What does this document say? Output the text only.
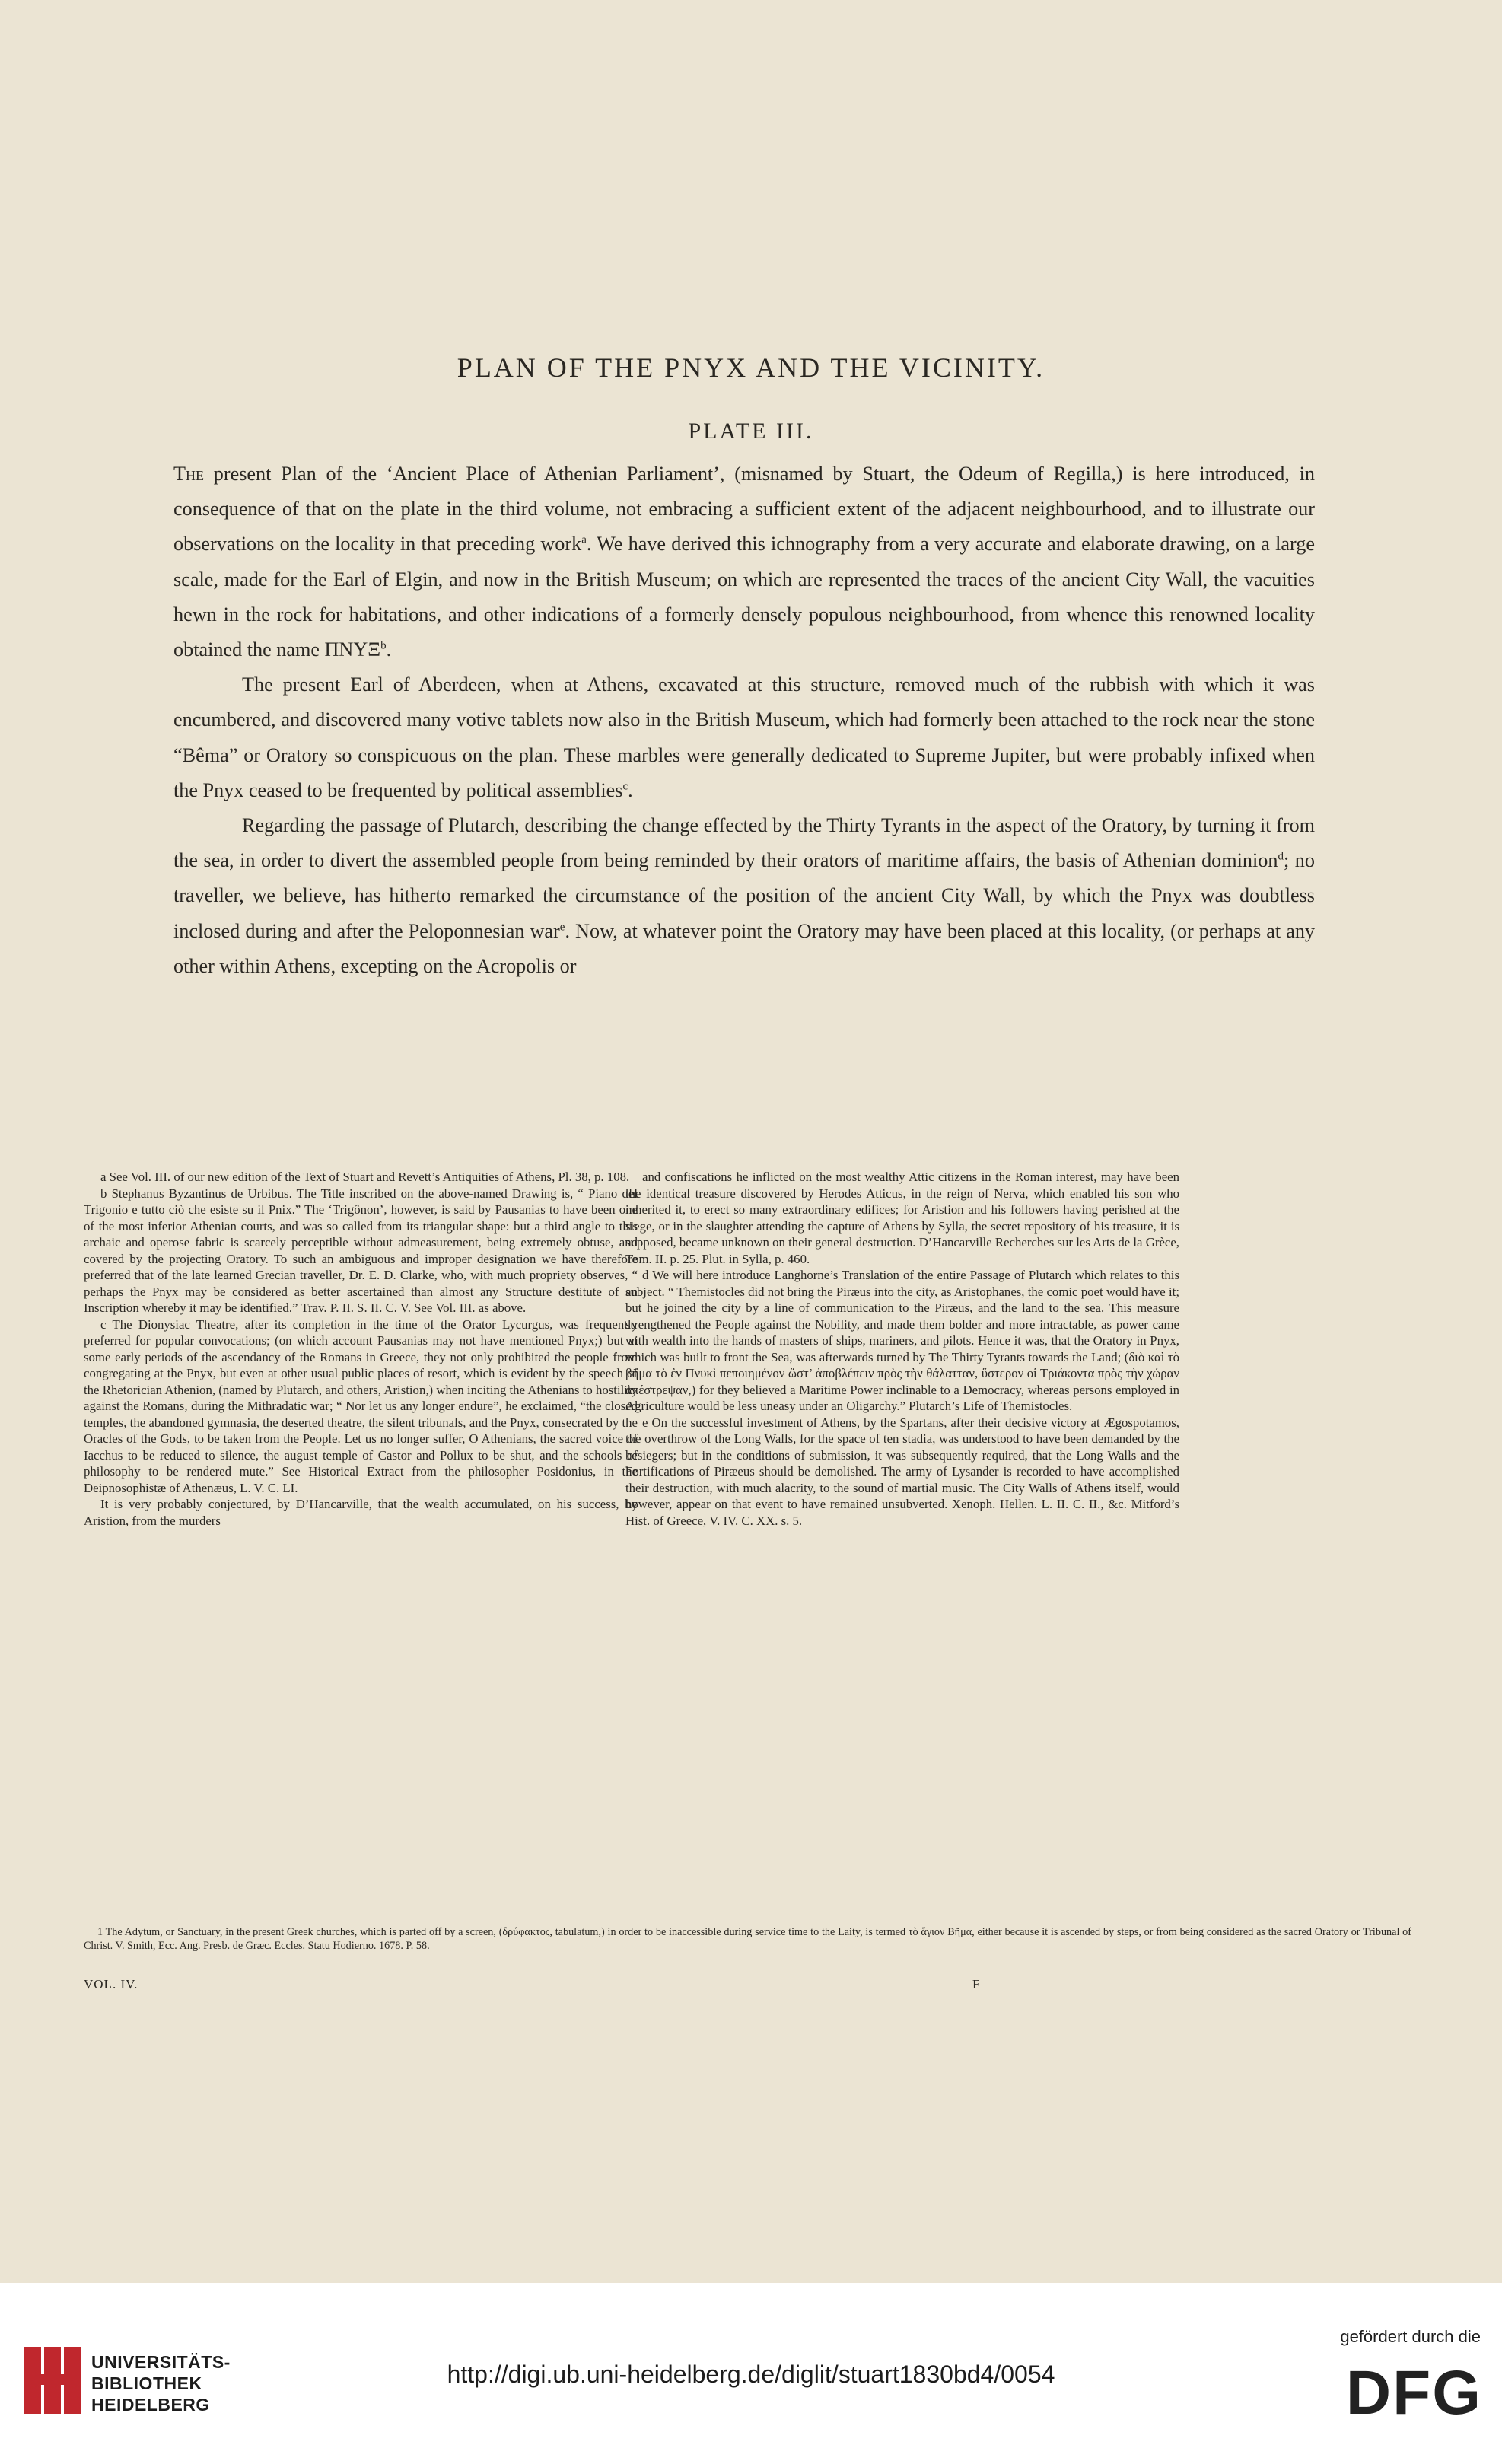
PLAN OF THE PNYX AND THE VICINITY.
PLATE III.

The present Plan of the ‘Ancient Place of Athenian Parliament’, (misnamed by Stuart, the Odeum of Regilla,) is here introduced, in consequence of that on the plate in the third volume, not embracing a sufficient extent of the adjacent neighbourhood, and to illustrate our observations on the locality in that preceding work$^a$. We have derived this ichnography from a very accurate and elaborate drawing, on a large scale, made for the Earl of Elgin, and now in the British Museum; on which are represented the traces of the ancient City Wall, the vacuities hewn in the rock for habitations, and other indications of a formerly densely populous neighbourhood, from whence this renowned locality obtained the name ΠΝΥΞ$^b$.

The present Earl of Aberdeen, when at Athens, excavated at this structure, removed much of the rubbish with which it was encumbered, and discovered many votive tablets now also in the British Museum, which had formerly been attached to the rock near the stone “Bêma” or Oratory so conspicuous on the plan. These marbles were generally dedicated to Supreme Jupiter, but were probably infixed when the Pnyx ceased to be frequented by political assemblies$^c$.

Regarding the passage of Plutarch, describing the change effected by the Thirty Tyrants in the aspect of the Oratory, by turning it from the sea, in order to divert the assembled people from being reminded by their orators of maritime affairs, the basis of Athenian dominion$^d$; no traveller, we believe, has hitherto remarked the circumstance of the position of the ancient City Wall, by which the Pnyx was doubtless inclosed during and after the Peloponnesian war$^e$. Now, at whatever point the Oratory may have been placed at this locality, (or perhaps at any other within Athens, excepting on the Acropolis or

a See Vol. III. of our new edition of the Text of Stuart and Revett’s Antiquities of Athens, Pl. 38, p. 108.

b Stephanus Byzantinus de Urbibus. The Title inscribed on the above-named Drawing is, “ Piano del Trigonio e tutto ciò che esiste su il Pnix.” The ‘Trigônon’, however, is said by Pausanias to have been one of the most inferior Athenian courts, and was so called from its triangular shape: but a third angle to this archaic and operose fabric is scarcely perceptible without admeasurement, being extremely obtuse, and covered by the projecting Oratory. To such an ambiguous and improper designation we have therefore preferred that of the late learned Grecian traveller, Dr. E. D. Clarke, who, with much propriety observes, “ perhaps the Pnyx may be considered as better ascertained than almost any Structure destitute of an Inscription whereby it may be identified.” Trav. P. II. S. II. C. V. See Vol. III. as above.

c The Dionysiac Theatre, after its completion in the time of the Orator Lycurgus, was frequently preferred for popular convocations; (on which account Pausanias may not have mentioned Pnyx;) but at some early periods of the ascendancy of the Romans in Greece, they not only prohibited the people from congregating at the Pnyx, but even at other usual public places of resort, which is evident by the speech of the Rhetorician Athenion, (named by Plutarch, and others, Aristion,) when inciting the Athenians to hostility against the Romans, during the Mithradatic war; “ Nor let us any longer endure”, he exclaimed, “the closed temples, the abandoned gymnasia, the deserted theatre, the silent tribunals, and the Pnyx, consecrated by the Oracles of the Gods, to be taken from the People. Let us no longer suffer, O Athenians, the sacred voice of Iacchus to be reduced to silence, the august temple of Castor and Pollux to be shut, and the schools of philosophy to be rendered mute.” See Historical Extract from the philosopher Posidonius, in the Deipnosophistæ of Athenæus, L. V. C. LI.

It is very probably conjectured, by D’Hancarville, that the wealth accumulated, on his success, by Aristion, from the murders

and confiscations he inflicted on the most wealthy Attic citizens in the Roman interest, may have been the identical treasure discovered by Herodes Atticus, in the reign of Nerva, which enabled his son who inherited it, to erect so many extraordinary edifices; for Aristion and his followers having perished at the siege, or in the slaughter attending the capture of Athens by Sylla, the secret repository of his treasure, it is supposed, became unknown on their general destruction. D’Hancarville Recherches sur les Arts de la Grèce, Tom. II. p. 25. Plut. in Sylla, p. 460.

d We will here introduce Langhorne’s Translation of the entire Passage of Plutarch which relates to this subject. “ Themistocles did not bring the Piræus into the city, as Aristophanes, the comic poet would have it; but he joined the city by a line of communication to the Piræus, and the land to the sea. This measure strengthened the People against the Nobility, and made them bolder and more intractable, as power came with wealth into the hands of masters of ships, mariners, and pilots. Hence it was, that the Oratory in Pnyx, which was built to front the Sea, was afterwards turned by The Thirty Tyrants towards the Land; (διὸ καὶ τὸ βῆμα τὸ ἐν Πνυκὶ πεποιημένον ὥστ’ ἀποβλέπειν πρὸς τὴν θάλατταν, ὕστερον οἱ Τριάκοντα πρὸς τὴν χώραν ἀπέστρεψαν,) for they believed a Maritime Power inclinable to a Democracy, whereas persons employed in Agriculture would be less uneasy under an Oligarchy.” Plutarch’s Life of Themistocles.

e On the successful investment of Athens, by the Spartans, after their decisive victory at Ægospotamos, the overthrow of the Long Walls, for the space of ten stadia, was understood to have been demanded by the besiegers; but in the conditions of submission, it was subsequently required, that the Long Walls and the Fortifications of Piræeus should be demolished. The army of Lysander is recorded to have accomplished their destruction, with much alacrity, to the sound of martial music. The City Walls of Athens itself, would however, appear on that event to have remained unsubverted. Xenoph. Hellen. L. II. C. II., &c. Mitford’s Hist. of Greece, V. IV. C. XX. s. 5.

1 The Adytum, or Sanctuary, in the present Greek churches, which is parted off by a screen, (δρύφακτος, tabulatum,) in order to be inaccessible during service time to the Laity, is termed τὸ ἅγιον Βῆμα, either because it is ascended by steps, or from being considered as the sacred Oratory or Tribunal of Christ. V. Smith, Ecc. Ang. Presb. de Græc. Eccles. Statu Hodierno. 1678. P. 58.

VOL. IV.	F
UNIVERSITÄTS-
BIBLIOTHEK
HEIDELBERG
http://digi.ub.uni-heidelberg.de/diglit/stuart1830bd4/0054
gefördert durch die
DFG
